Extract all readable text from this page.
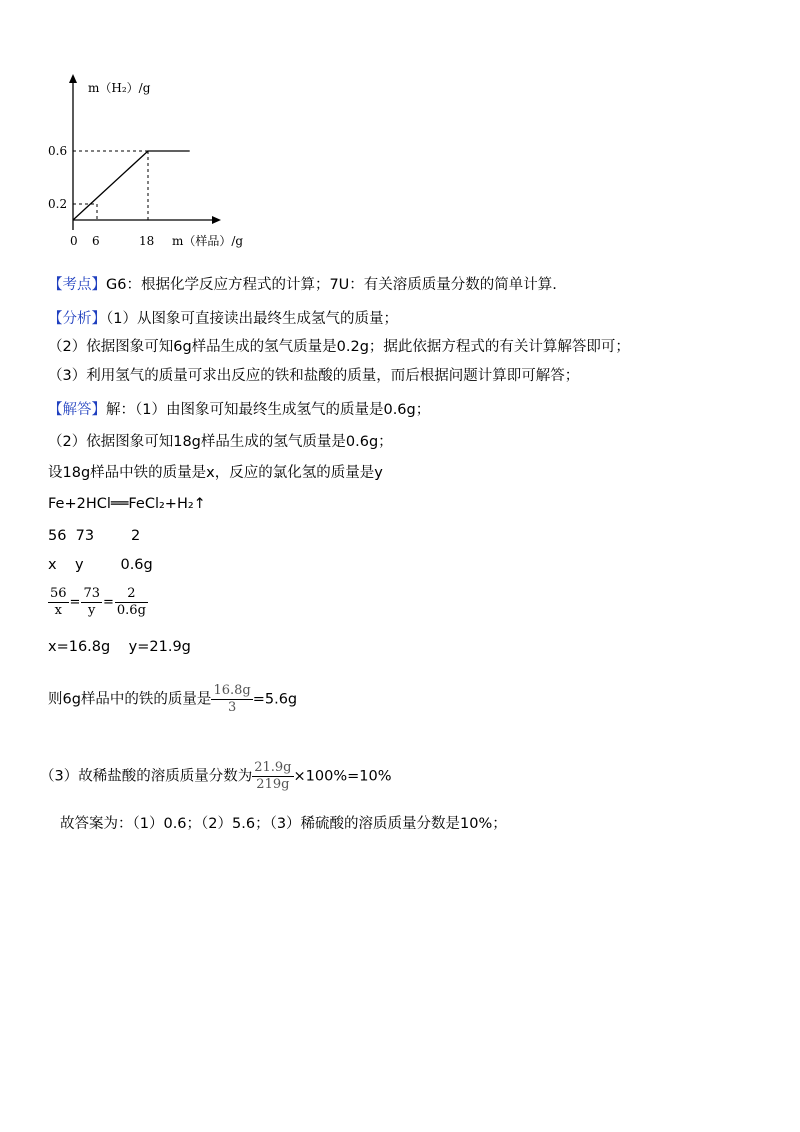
m（H₂）/g
0.6
0.2
0 6	18 m（样品）/g
【考点】G6：根据化学反应方程式的计算；7U：有关溶质质量分数的简单计算.
【分析】（1）从图象可直接读出最终生成氢气的质量；
（2）依据图象可知6g样品生成的氢气质量是0.2g；据此依据方程式的有关计算解答即可；
（3）利用氢气的质量可求出反应的铁和盐酸的质量，而后根据问题计算即可解答；
【解答】解：（1）由图象可知最终生成氢气的质量是0.6g；
（2）依据图象可知18g样品生成的氢气质量是0.6g；
设18g样品中铁的质量是x，反应的氯化氢的质量是y
Fe+2HCl══FeCl₂+H₂↑
56  73        2
x    y        0.6g
$\frac{56}{x} = \frac{73}{y} = \frac{2}{0.6g}$
x=16.8g    y=21.9g
则6g样品中的铁的质量是 $\frac{16.8g}{3} =5.6g$
（3）故稀盐酸的溶质质量分数为 $\frac{21.9g}{219g} \times 100\%=10\%$
故答案为：（1）0.6；（2）5.6；（3）稀硫酸的溶质质量分数是10%；
